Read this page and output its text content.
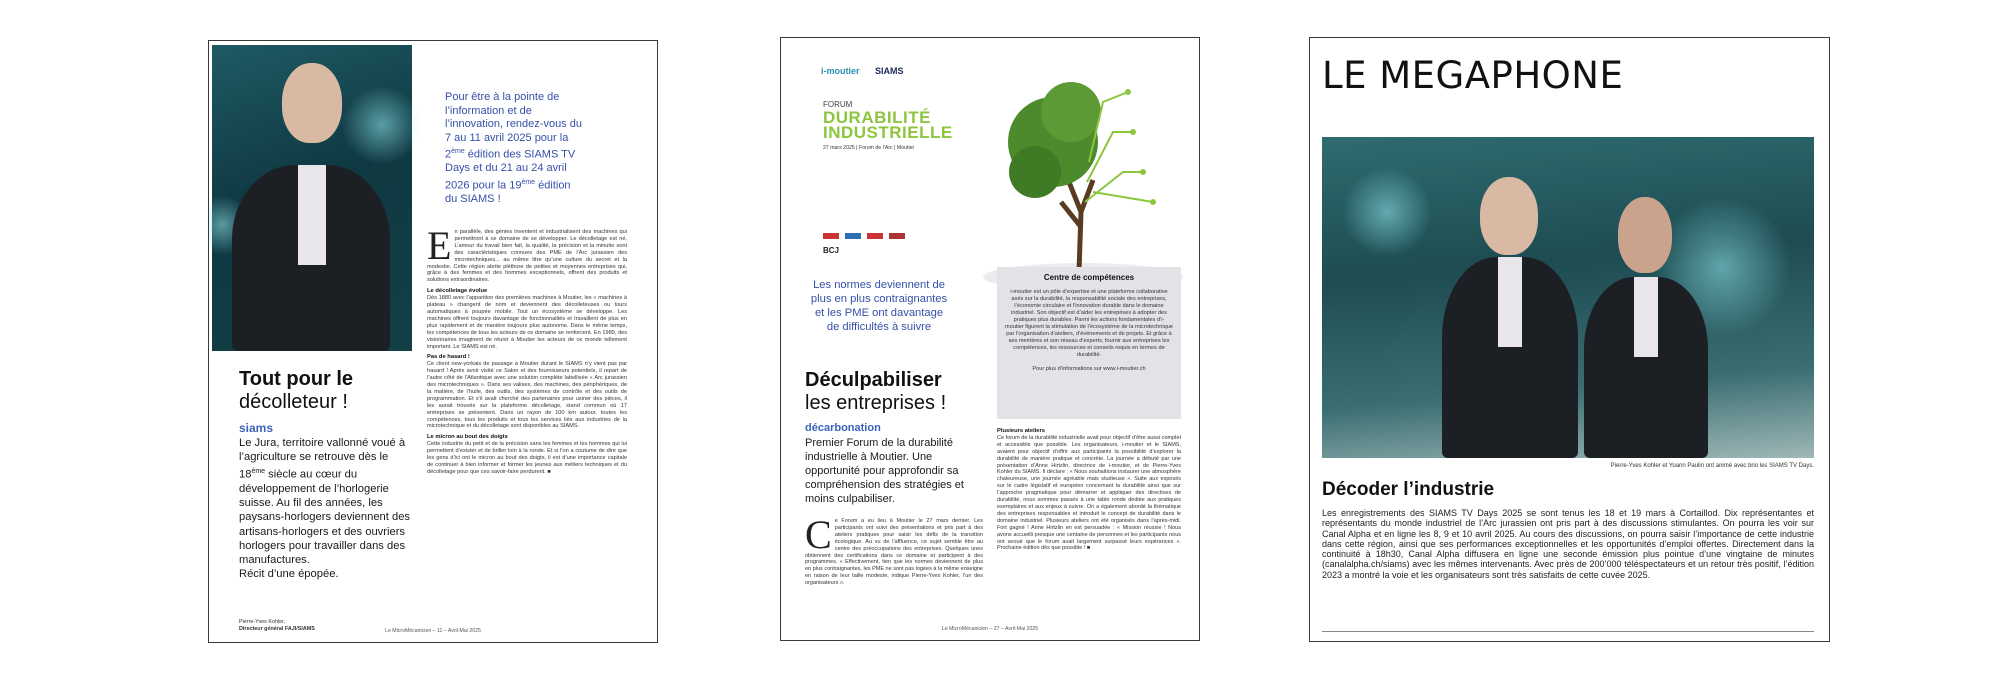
Pour être à la pointe de l’information et de l’innovation, rendez-vous du 7 au 11 avril 2025 pour la 2ème édition des SIAMS TV Days et du 21 au 24 avril 2026 pour la 19ème édition du SIAMS !
Tout pour le
décolleteur !
siams
Le Jura, territoire vallonné voué à l’agriculture se retrouve dès le 18ème siècle au cœur du développement de l’horlogerie suisse. Au fil des années, les paysans-horlogers deviennent des artisans-horlogers et des ouvriers horlogers pour travailler dans des manufactures.
Récit d’une épopée.
Pierre-Yves Kohler,
Directeur général FAJI/SIAMS
E n parallèle, des génies inventent et industrialisent des machines qui permettront à ce domaine de se développer. Le décolletage est né. L’amour du travail bien fait, la qualité, la précision et la minutie sont des caractéristiques connues des PME de l’Arc jurassien des microtechniques... au même titre qu’une culture du secret et la modestie. Cette région abrite pléthore de petites et moyennes entreprises qui, grâce à des femmes et des hommes exceptionnels, offrent des produits et solutions extraordinaires.

Le décolletage évolue

Dès 1880 avec l’apparition des premières machines à Moutier, les « machines à plateau » changent de nom et deviennent des décolleteuses ou tours automatiques à poupée mobile. Tout un écosystème se développe. Les machines offrent toujours davantage de fonctionnalités et travaillent de plus en plus rapidement et de manière toujours plus autonome. Dans le même temps, les compétences de tous les acteurs de ce domaine se renforcent. En 1989, des visionnaires imaginent de réunir à Moutier les acteurs de ce monde tellement important. Le SIAMS est né.

Pas de hasard !

Ce client new-yorkais de passage à Moutier durant le SIAMS n’y vient pas par hasard ! Après avoir visité ce Salon et des fournisseurs potentiels, il repart de l’autre côté de l’Atlantique avec une solution complète labellisée « Arc jurassien des microtechniques ». Dans ses valises, des machines, des périphériques, de la matière, de l’huile, des outils, des systèmes de contrôle et des outils de programmation. Et s’il avait cherché des partenaires pour usiner des pièces, il les aurait trouvés sur la plateforme décolletage, stand commun où 17 entreprises se présentent. Dans un rayon de 100 km autour, toutes les compétences, tous les produits et tous les services liés aux industries de la microtechnique et du décolletage sont disponibles au SIAMS.

Le micron au bout des doigts

Cette industrie du petit et de la précision sans les femmes et les hommes qui lui permettent d’exister et de briller loin à la ronde. Et si l’on a coutume de dire que les gens d’ici ont le micron au bout des doigts, il est d’une importance capitale de continuer à bien informer et former les jeunes aux métiers techniques et du décolletage pour que ces savoir-faire perdurent. ■

Le MicroMécanicien – 11 – Avril-Mai 2025
i-moutier SIAMS
FORUM
DURABILITÉ
INDUSTRIELLE
27 mars 2025 | Forum de l’Arc | Moutier
BCJ
Les normes deviennent de plus en plus contraignantes et les PME ont davantage de difficultés à suivre
Centre de compétences

i-moutier est un pôle d’expertise et une plateforme collaborative axés sur la durabilité, la responsabilité sociale des entreprises, l’économie circulaire et l’innovation durable dans le domaine industriel. Son objectif est d’aider les entreprises à adopter des pratiques plus durables. Parmi les actions fondamentales d’i-moutier figurent la stimulation de l’écosystème de la microtechnique par l’organisation d’ateliers, d’événements et de projets. Et grâce à ses membres et son réseau d’experts, fournir aux entreprises les compétences, les ressources et conseils requis en termes de durabilité.

Pour plus d’informations sur www.i-moutier.ch

Déculpabiliser
les entreprises !
décarbonation
Premier Forum de la durabilité industrielle à Moutier. Une opportunité pour approfondir sa compréhension des stratégies et moins culpabiliser.
C e Forum a eu lieu à Moutier le 27 mars dernier. Les participants ont suivi des présentations et pris part à des ateliers pratiques pour saisir les défis de la transition écologique. Au vu de l’affluence, ce sujet semble être au centre des préoccupations des entreprises. Quelques unes obtiennent des certifications dans ce domaine et participent à des programmes. « Effectivement, tien que les normes deviennent de plus en plus contraignantes, les PME ne sont pas logées à la même enseigne en raison de leur taille modeste, indique Pierre-Yves Kohler, l’un des organisateurs ».
Plusieurs ateliers

Ce forum de la durabilité industrielle avait pour objectif d’être aussi complet et accessible que possible. Les organisateurs, i-moutier et le SIAMS, avaient pour objectif d’offrir aux participants la possibilité d’explorer la durabilité de manière pratique et concrète. La journée a débuté par une présentation d’Anne Hirtzlin, directrice de i-moutier, et de Pierre-Yves Kohler du SIAMS. Il déclare : « Nous souhaitions instaurer une atmosphère chaleureuse, une journée agréable mais studieuse ». Suite aux exposés sur le cadre législatif et européen concernant la durabilité ainsi que sur l’approche pragmatique pour démarrer et appliquer des directives de durabilité, nous sommes passés à une table ronde dédiée aux pratiques exemplaires et aux enjeux à suivre. On a également abordé la thématique des entreprises responsables et introduit le concept de durabilité dans le domaine industriel. Plusieurs ateliers ont été organisés dans l’après-midi. Fort gagné ! Anne Hirtzlin en est persuadée : « Mission réussie ! Nous avons accueilli presque une centaine de personnes et les participants nous ont avoué que le forum avait largement surpassé leurs espérances ». Prochaine édition dès que possible ! ■

Le MicroMécanicien – 27 – Avril-Mai 2025
LE MEGAPHONE
Pierre-Yves Kohler et Yoann Paulin ont animé avec brio les SIAMS TV Days.
Décoder l’industrie
Les enregistrements des SIAMS TV Days 2025 se sont tenus les 18 et 19 mars à Cortaillod. Dix représentantes et représentants du monde industriel de l’Arc jurassien ont pris part à des discussions stimulantes. On pourra les voir sur Canal Alpha et en ligne les 8, 9 et 10 avril 2025. Au cours des discussions, on pourra saisir l’importance de cette industrie dans cette région, ainsi que ses performances exceptionnelles et les opportunités d’emploi offertes. Directement dans la continuité à 18h30, Canal Alpha diffusera en ligne une seconde émission plus pointue d’une vingtaine de minutes (canalalpha.ch/siams) avec les mêmes intervenants. Avec près de 200’000 téléspectateurs et un retour très positif, l’édition 2023 a montré la voie et les organisateurs sont très satisfaits de cette cuvée 2025.
